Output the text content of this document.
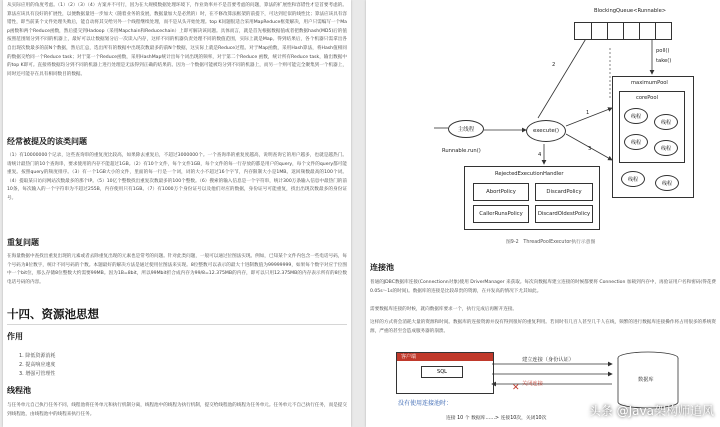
从实际应用的角度考虑。（1）（2）（3）（4）方案并不可行，因为在大规模数据处理环境下，作业效率并不是首要考虑的问题，算法的扩展性和容错性才是首要考虑的。算法应该具有良好的扩展性，以便数据量进一步加大（随着业务的发展，数据量加大是必然的）时，在不修改算法框架的前提下，可达到近似的线性比；算法应该具有容错性，即当前某个文件处理失败后，能自动将其交给另外一个线程继续处理，而不是从头开始处理。top K问题很适合采用MapReduce框架解决，用户只需编写一个Map函数和两个Reduce函数，然后提交到Hadoop（采用Mapchain和Reducechain）上即可解决该问题。具体而言，就是首先根据数据值或者把数据hash(MD5)后的值按照范围划分到不同的机器上，最好可以让数据划分后一次读入内存，这样不同的机器负责处理不同的数值范围，实际上就是Map。得到结果后，各个机器只需拿出各自出现次数最多的前N个数据，然后汇总，选出所有的数据中出现次数最多的前N个数据，这实际上就是Reduce过程。对于Map函数，采用Hash算法，将Hash值相同的数据交给同一个Reduce task；对于第一个Reduce函数，采用HashMap统计出每个词出现的频率，对于第二个Reduce 函数，统计所有Reduce task，输出数据中的top K即可。直接将数据均分到不同的机器上进行处理是无法得到正确的结果的。因为一个数据可能被均分到不同的机器上，而另一个则可能完全聚集到一个机器上，同时还可能存在具有相同数目的数据。
经常被提及的该类问题
（1）有10000000个记录，这些查询串的重复度比较高，如果除去重复后，不超过3000000个。一个查询串的重复度越高，说明查询它的用户越多，也就是越热门。请统计最热门的10个查询串，要求使用的内存不能超过1GB。（2）有10个文件，每个文件1GB，每个文件的每一行存放的都是用户的query，每个文件的query都可能重复。按照query的频度排序。（3）有一个1GB大小的文件，里面的每一行是一个词，词的大小不超过16个字节，内存限制大小是1MB。返回频数最高的100个词。（4）提取某日访问网站次数最多的那个IP。（5）10亿个整数找出重复次数最多的100个整数。（6）搜索的输入信息是一个字符串，统计300万条输入信息中最热门的前10条，每次输入的一个字符串为不超过255B，内存使用只有1GB。（7）有1000万个身份证号以及他们对应的数据，身份证号可能重复，找出出现次数最多的身份证号。
重复问题
在海量数据中查找出重复出现的元素或者去除重复出现的元素也是常考的问题。针对此类问题，一般可以通过位图法实现。例如，已知某个文件内包含一些电话号码，每个号码为8位数字，统计不同号码的个数。本题最好的解决方法是通过使用位图法来实现。8位整数可以表示的最大十进制数值为99999999，如果每个数字对应于位图中一个bit位，那么存储8位整数大约需要99MB。因为1B=8bit，所以99Mbit折合成内存为99/8=12.375MB的内存，即可以只用12.375MB的内存表示所有的8位数电话号码的内容。
十四、资源池思想
作用
1. 降低资源消耗
2. 提高响应速度
3. 增强可管理性
线程池
与任务单元自己执行任务不同，线程池将任务单元和执行机制分离，线程池中的线程为执行机制，提交给线程池的线程为任务单元。任务单元不自己执行任务，而是提交到线程池，由线程池中的线程来执行任务。
BlockingQueue<Runnable>
poll()
take()
maximumPool
corePool
线程
线程
线程
线程
线程
线程
主线程	execute()
Runnable.run()
2
1
3
4
RejectedExecutionHandler
AbortPolicy	DiscardPolicy
CallerRunsPolicy	DiscardOldestPolicy
图9-2　ThreadPoolExecutor执行示意图
连接池
普通的JDBC数据库连接(Connectionn对象)使用 DriverManager 来获取。每次向数据库建立连接的时候都要将 Connection 加载到内存中，再验证用户名和密码(得花费0.05s～1s的时间)。数据库的连接是比较昂贵的资源，在并发高的情况下尤其如此。
需要数据库连接的时候，就向数据库要求一个，执行完成后再断开连接。
这样的方式将会消耗大量的资源和时间。数据库的连接资源并没有得到很好的重复利用。若同时有几百人甚至几千人在线，频繁的进行数据库连接操作将占用很多的系统资源，严重的甚至会造成服务器的崩溃。
客户端
SQL
✕
建立连接（身份认证）
关闭连接
数据库
没有使用连接池时：
连接 10 个 数据库……> 连接10次，关闭10次
头条 @Java架构师追风
